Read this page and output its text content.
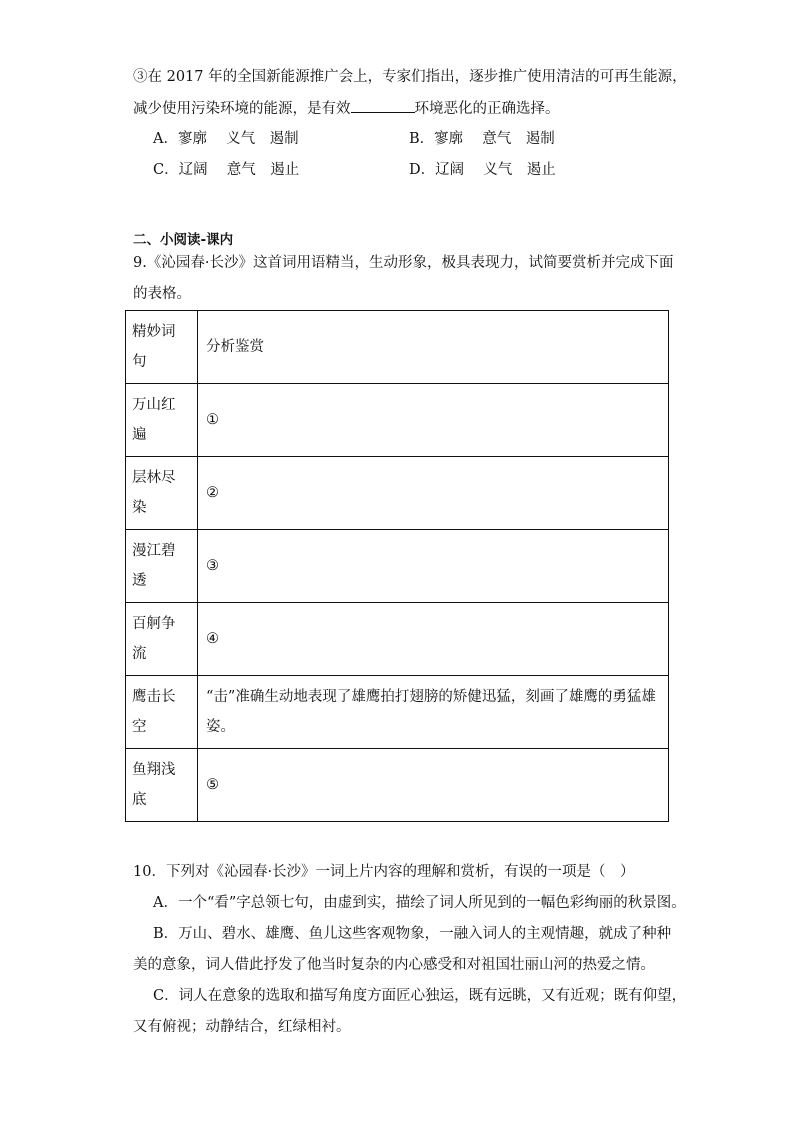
③在 2017 年的全国新能源推广会上，专家们指出，逐步推广使用清洁的可再生能源，
减少使用污染环境的能源，是有效	环境恶化的正确选择。
A．寥廓　 义气　遏制	B．寥廓　 意气　遏制
C．辽阔　 意气　遏止	D．辽阔　 义气　遏止
二、小阅读-课内
9.《沁园春·长沙》这首词用语精当，生动形象，极具表现力，试简要赏析并完成下面
的表格。
精妙词
句	分析鉴赏

万山红
遍	①

层林尽
染	②

漫江碧
透	③

百舸争
流	④

鹰击长
空	“击”准确生动地表现了雄鹰拍打翅膀的矫健迅猛，刻画了雄鹰的勇猛雄姿。

鱼翔浅
底	⑤
10．下列对《沁园春·长沙》一词上片内容的理解和赏析，有误的一项是（　）
A．一个“看”字总领七句，由虚到实，描绘了词人所见到的一幅色彩绚丽的秋景图。
B．万山、碧水、雄鹰、鱼儿这些客观物象，一融入词人的主观情趣，就成了种种
美的意象，词人借此抒发了他当时复杂的内心感受和对祖国壮丽山河的热爱之情。
C．词人在意象的选取和描写角度方面匠心独运，既有远眺，又有近观；既有仰望，
又有俯视；动静结合，红绿相衬。
